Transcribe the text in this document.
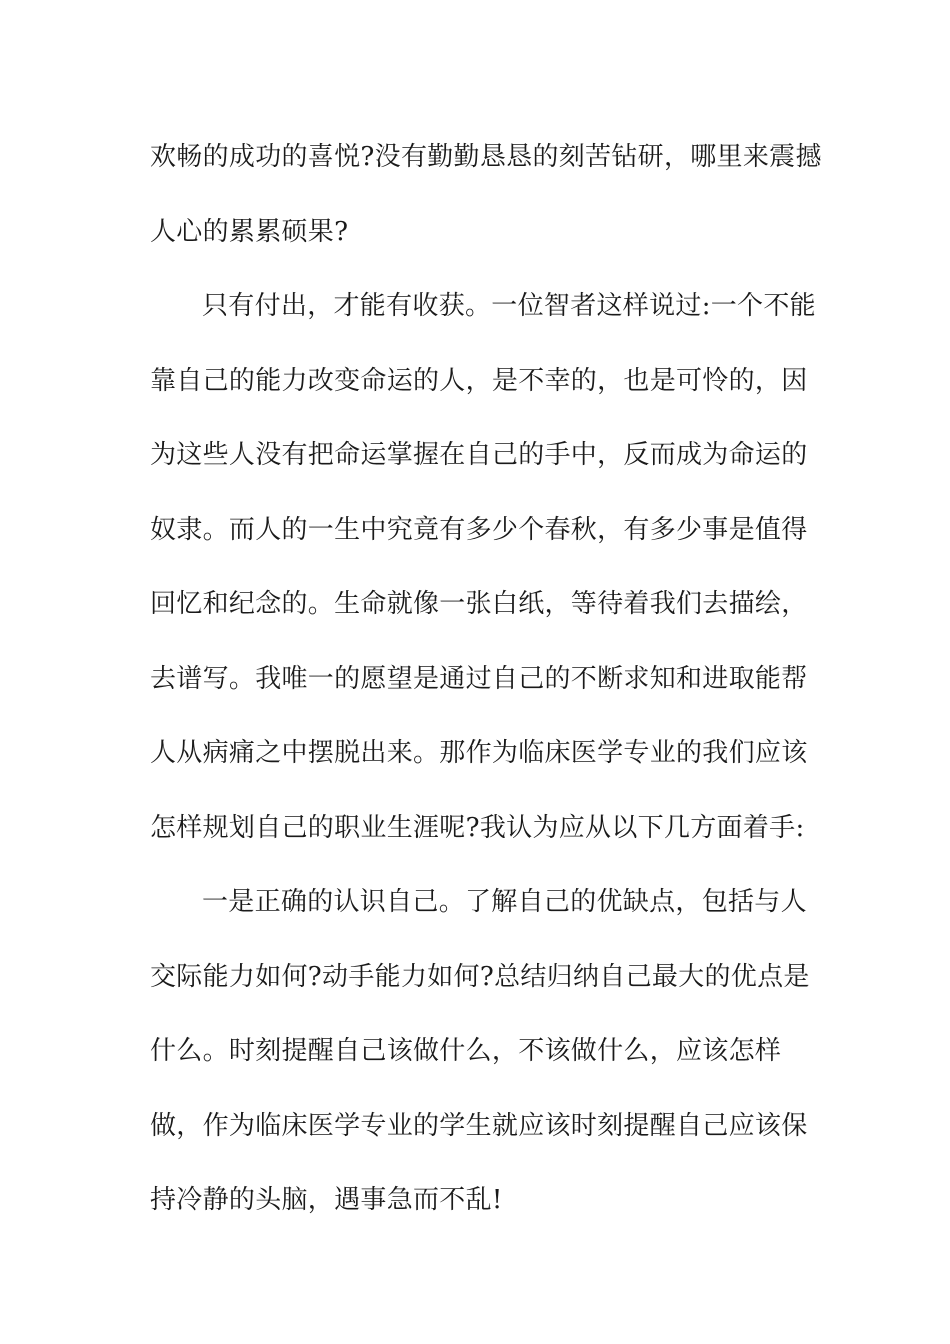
欢畅的成功的喜悦?没有勤勤恳恳的刻苦钻研，哪里来震撼
人心的累累硕果?
只有付出，才能有收获。一位智者这样说过:一个不能
靠自己的能力改变命运的人，是不幸的，也是可怜的，因
为这些人没有把命运掌握在自己的手中，反而成为命运的
奴隶。而人的一生中究竟有多少个春秋，有多少事是值得
回忆和纪念的。生命就像一张白纸，等待着我们去描绘，
去谱写。我唯一的愿望是通过自己的不断求知和进取能帮
人从病痛之中摆脱出来。那作为临床医学专业的我们应该
怎样规划自己的职业生涯呢?我认为应从以下几方面着手:
一是正确的认识自己。了解自己的优缺点，包括与人
交际能力如何?动手能力如何?总结归纳自己最大的优点是
什么。时刻提醒自己该做什么，不该做什么，应该怎样
做，作为临床医学专业的学生就应该时刻提醒自己应该保
持冷静的头脑，遇事急而不乱!
